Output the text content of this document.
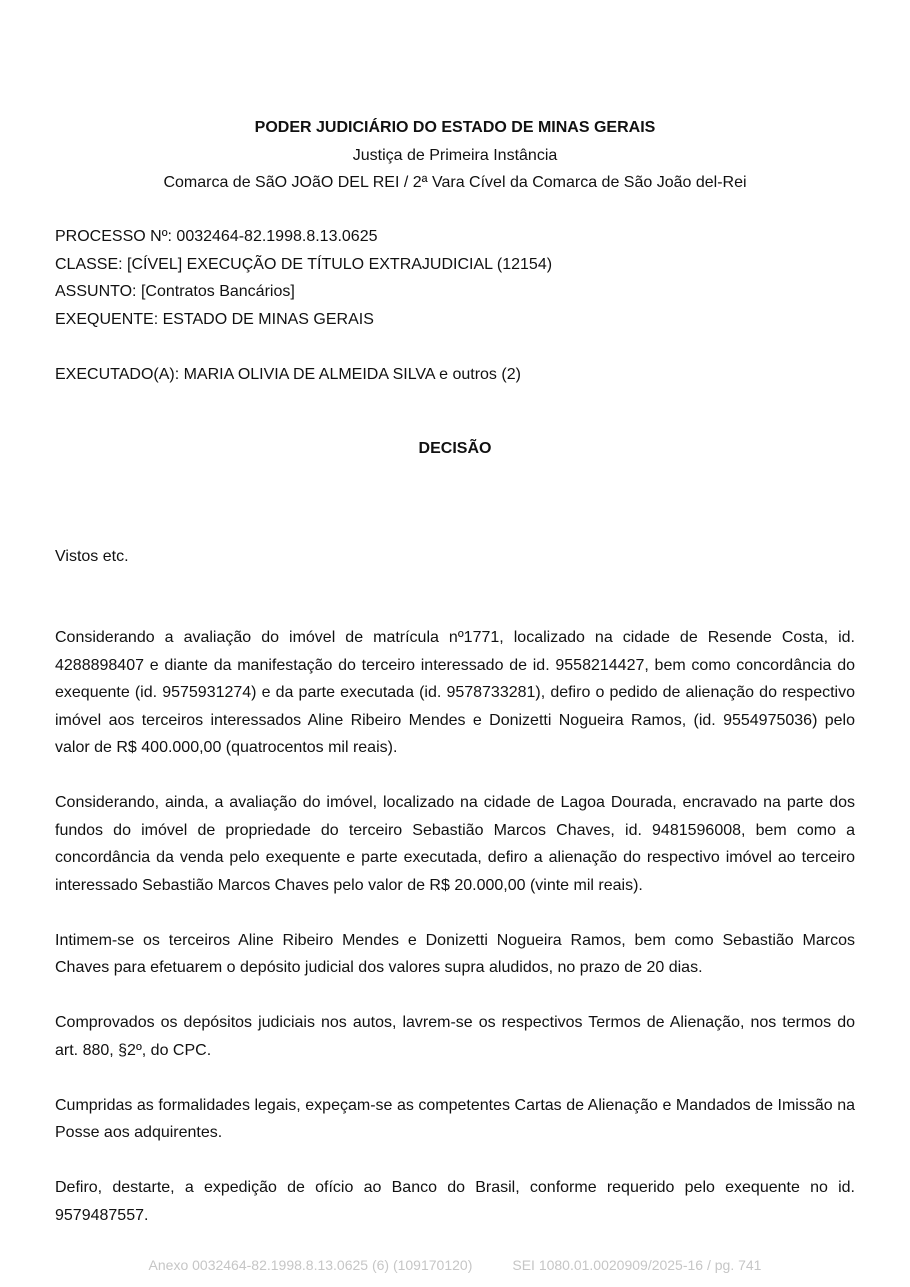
PODER JUDICIÁRIO DO ESTADO DE MINAS GERAIS
Justiça de Primeira Instância
Comarca de SãO JOãO DEL REI / 2ª Vara Cível da Comarca de São João del-Rei
PROCESSO Nº: 0032464-82.1998.8.13.0625
CLASSE: [CÍVEL] EXECUÇÃO DE TÍTULO EXTRAJUDICIAL (12154)
ASSUNTO: [Contratos Bancários]
EXEQUENTE: ESTADO DE MINAS GERAIS
EXECUTADO(A): MARIA OLIVIA DE ALMEIDA SILVA e outros (2)
DECISÃO
Vistos etc.

Considerando a avaliação do imóvel de matrícula nº1771, localizado na cidade de Resende Costa, id. 4288898407 e diante da manifestação do terceiro interessado de id. 9558214427, bem como concordância do exequente (id. 9575931274) e da parte executada (id. 9578733281), defiro o pedido de alienação do respectivo imóvel aos terceiros interessados Aline Ribeiro Mendes e Donizetti Nogueira Ramos, (id. 9554975036) pelo valor de R$ 400.000,00 (quatrocentos mil reais).

Considerando, ainda, a avaliação do imóvel, localizado na cidade de Lagoa Dourada, encravado na parte dos fundos do imóvel de propriedade do terceiro Sebastião Marcos Chaves, id. 9481596008, bem como a concordância da venda pelo exequente e parte executada, defiro a alienação do respectivo imóvel ao terceiro interessado Sebastião Marcos Chaves pelo valor de R$ 20.000,00 (vinte mil reais).

Intimem-se os terceiros Aline Ribeiro Mendes e Donizetti Nogueira Ramos, bem como Sebastião Marcos Chaves para efetuarem o depósito judicial dos valores supra aludidos, no prazo de 20 dias.

Comprovados os depósitos judiciais nos autos, lavrem-se os respectivos Termos de Alienação, nos termos do art. 880, §2º, do CPC.

Cumpridas as formalidades legais, expeçam-se as competentes Cartas de Alienação e Mandados de Imissão na Posse aos adquirentes.

Defiro, destarte, a expedição de ofício ao Banco do Brasil, conforme requerido pelo exequente no id. 9579487557.

Anexo 0032464-82.1998.8.13.0625 (6) (109170120)	SEI 1080.01.0020909/2025-16 / pg. 741
